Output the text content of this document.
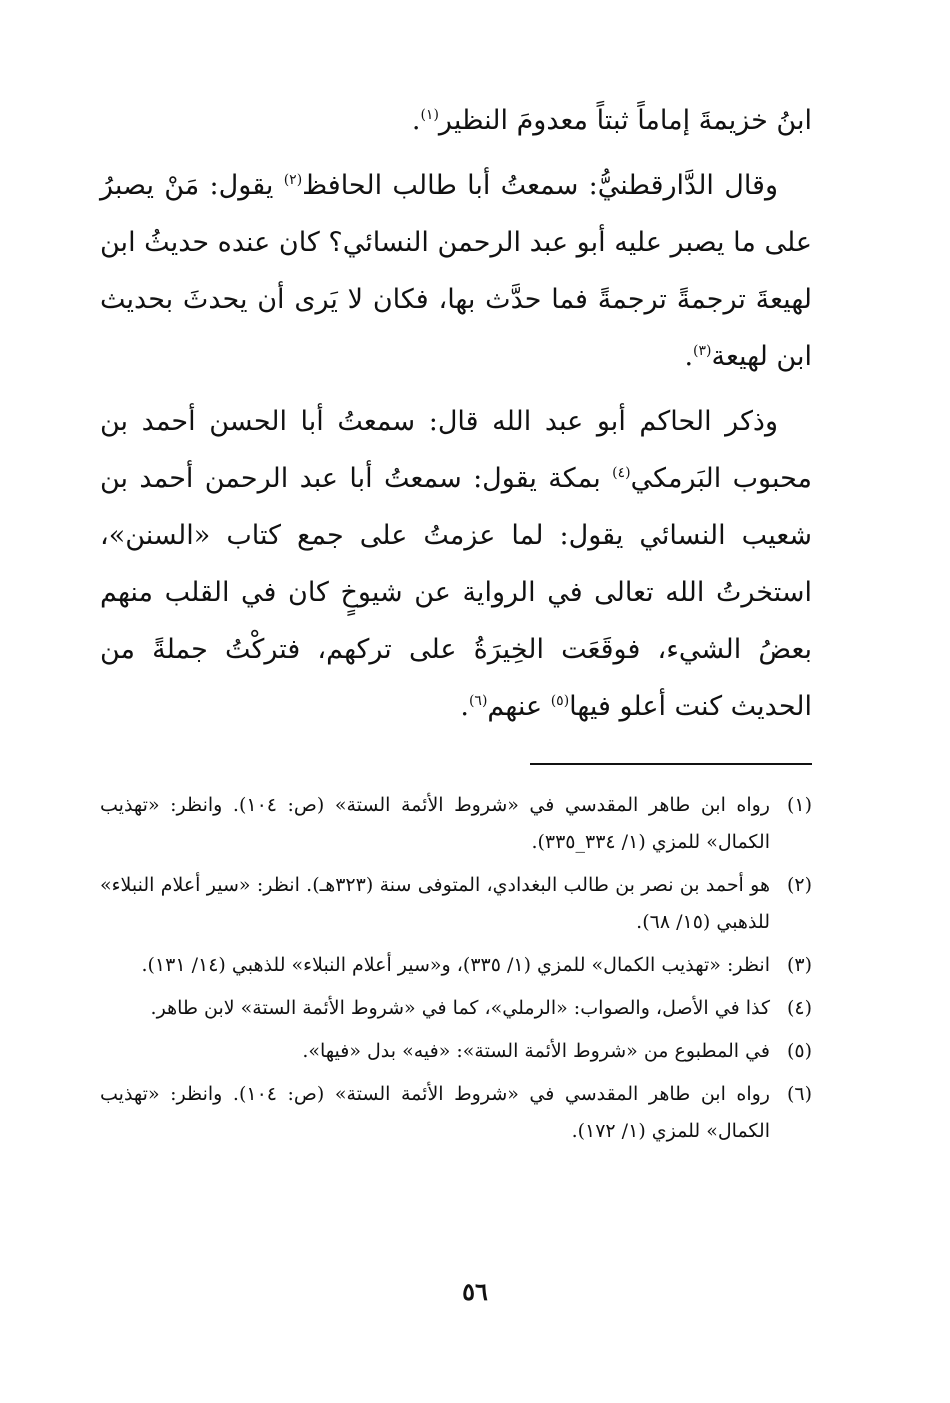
ابنُ خزيمةَ إماماً ثبتاً معدومَ النظير$^{(١)}$.

وقال الدَّارقطنيُّ: سمعتُ أبا طالب الحافظ$^{(٢)}$ يقول: مَنْ يصبرُ على ما يصبر عليه أبو عبد الرحمن النسائي؟ كان عنده حديثُ ابن لهيعةَ ترجمةً ترجمةً فما حدَّث بها، فكان لا يَرى أن يحدثَ بحديث ابن لهيعة$^{(٣)}$.

وذكر الحاكم أبو عبد الله قال: سمعتُ أبا الحسن أحمد بن محبوب البَرمكي$^{(٤)}$ بمكة يقول: سمعتُ أبا عبد الرحمن أحمد بن شعيب النسائي يقول: لما عزمتُ على جمع كتاب «السنن»، استخرتُ الله تعالى في الرواية عن شيوخٍ كان في القلب منهم بعضُ الشيء، فوقَعَت الخِيرَةُ على تركهم، فتركْتُ جملةً من الحديث كنت أعلو فيها$^{(٥)}$ عنهم$^{(٦)}$.

(١)
رواه ابن طاهر المقدسي في «شروط الأئمة الستة» (ص: ١٠٤). وانظر: «تهذيب الكمال» للمزي (١/ ٣٣٤_٣٣٥).
(٢)
هو أحمد بن نصر بن طالب البغدادي، المتوفى سنة (٣٢٣هـ). انظر: «سير أعلام النبلاء» للذهبي (١٥/ ٦٨).
(٣)
انظر: «تهذيب الكمال» للمزي (١/ ٣٣٥)، و«سير أعلام النبلاء» للذهبي (١٤/ ١٣١).
(٤)
كذا في الأصل، والصواب: «الرملي»، كما في «شروط الأئمة الستة» لابن طاهر.
(٥)
في المطبوع من «شروط الأئمة الستة»: «فيه» بدل «فيها».
(٦)
رواه ابن طاهر المقدسي في «شروط الأئمة الستة» (ص: ١٠٤). وانظر: «تهذيب الكمال» للمزي (١/ ١٧٢).
٥٦
